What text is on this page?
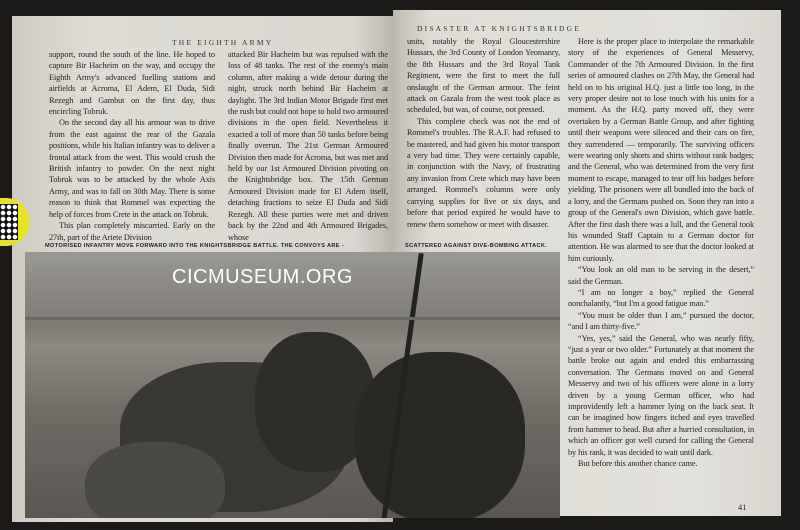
THE EIGHTH ARMY

support, round the south of the line. He hoped to capture Bir Hacheim on the way, and occupy the Eighth Army's advanced fuelling stations and airfields at Acroma, El Adem, El Duda, Sidi Rezegh and Gambut on the first day, thus encircling Tobruk.

On the second day all his armour was to drive from the east against the rear of the Gazala positions, while his Italian infantry was to deliver a frontal attack from the west. This would crush the British infantry to powder. On the next night Tobruk was to be attacked by the whole Axis Army, and was to fall on 30th May. There is some reason to think that Rommel was expecting the help of forces from Crete in the attack on Tobruk.

This plan completely miscarried. Early on the 27th, part of the Ariete Division

attacked Bir Hacheim but was repulsed with the loss of 48 tanks. The rest of the enemy's main column, after making a wide detour during the night, struck north behind Bir Hacheim at daylight. The 3rd Indian Motor Brigade first met the rush but could not hope to hold two armoured divisions in the open field. Nevertheless it exacted a toll of more than 50 tanks before being finally overrun. The 21st German Armoured Division then made for Acroma, but was met and held by our 1st Armoured Division pivoting on the Knightsbridge box. The 15th German Armoured Division made for El Adem itself, detaching fractions to seize El Duda and Sidi Rezegh. All these parties were met and driven back by the 22nd and 4th Armoured Brigades, whose

MOTORISED INFANTRY MOVE FORWARD INTO THE KNIGHTSBRIDGE BATTLE. THE CONVOYS ARE -
DISASTER AT KNIGHTSBRIDGE

units, notably the Royal Gloucestershire Hussars, the 3rd County of London Yeomanry, the 8th Hussars and the 3rd Royal Tank Regiment, were the first to meet the full onslaught of the German armour. The feint attack on Gazala from the west took place as scheduled, but was, of course, not pressed.

This complete check was not the end of Rommel's troubles. The R.A.F. had refused to be mastered, and had given his motor transport a very bad time. They were certainly capable, in conjunction with the Navy, of frustrating any invasion from Crete which may have been arranged. Rommel's columns were only carrying supplies for five or six days, and before that period expired he would have to renew them somehow or meet with disaster.

Here is the proper place to interpolate the remarkable story of the experiences of General Messervy, Commander of the 7th Armoured Division. In the first series of armoured clashes on 27th May, the General had held on to his original H.Q. just a little too long, in the very proper desire not to lose touch with his units for a moment. As the H.Q. party moved off, they were overtaken by a German Battle Group, and after fighting until their weapons were silenced and their cars on fire, they surrendered — temporarily. The surviving officers were wearing only shorts and shirts without rank badges; and the General, who was determined from the very first moment to escape, managed to tear off his badges before yielding. The prisoners were all bundled into the back of a lorry, and the Germans pushed on. Soon they ran into a group of the General's own Division, which gave battle. After the first dash there was a lull, and the General took his wounded Staff Captain to a German doctor for attention. He was alarmed to see that the doctor looked at him curiously.

“You look an old man to be serving in the desert,” said the German.

“I am no longer a boy,” replied the General nonchalantly, “but I'm a good fatigue man.”

“You must be older than I am,” pursued the doctor, “and I am thirty-five.”

“Yes, yes,” said the General, who was nearly fifty, “just a year or two older.” Fortunately at that moment the battle broke out again and ended this embarrassing conversation. The Germans moved on and General Messervy and two of his officers were alone in a lorry driven by a young German officer, who had improvidently left a hammer lying on the back seat. It can be imagined how fingers itched and eyes travelled from hammer to head. But after a hurried consultation, in which an officer got well cursed for calling the General by his rank, it was decided to wait until dark.

But before this another chance came.

SCATTERED AGAINST DIVE-BOMBING ATTACK.
41
CICMUSEUM.ORG
